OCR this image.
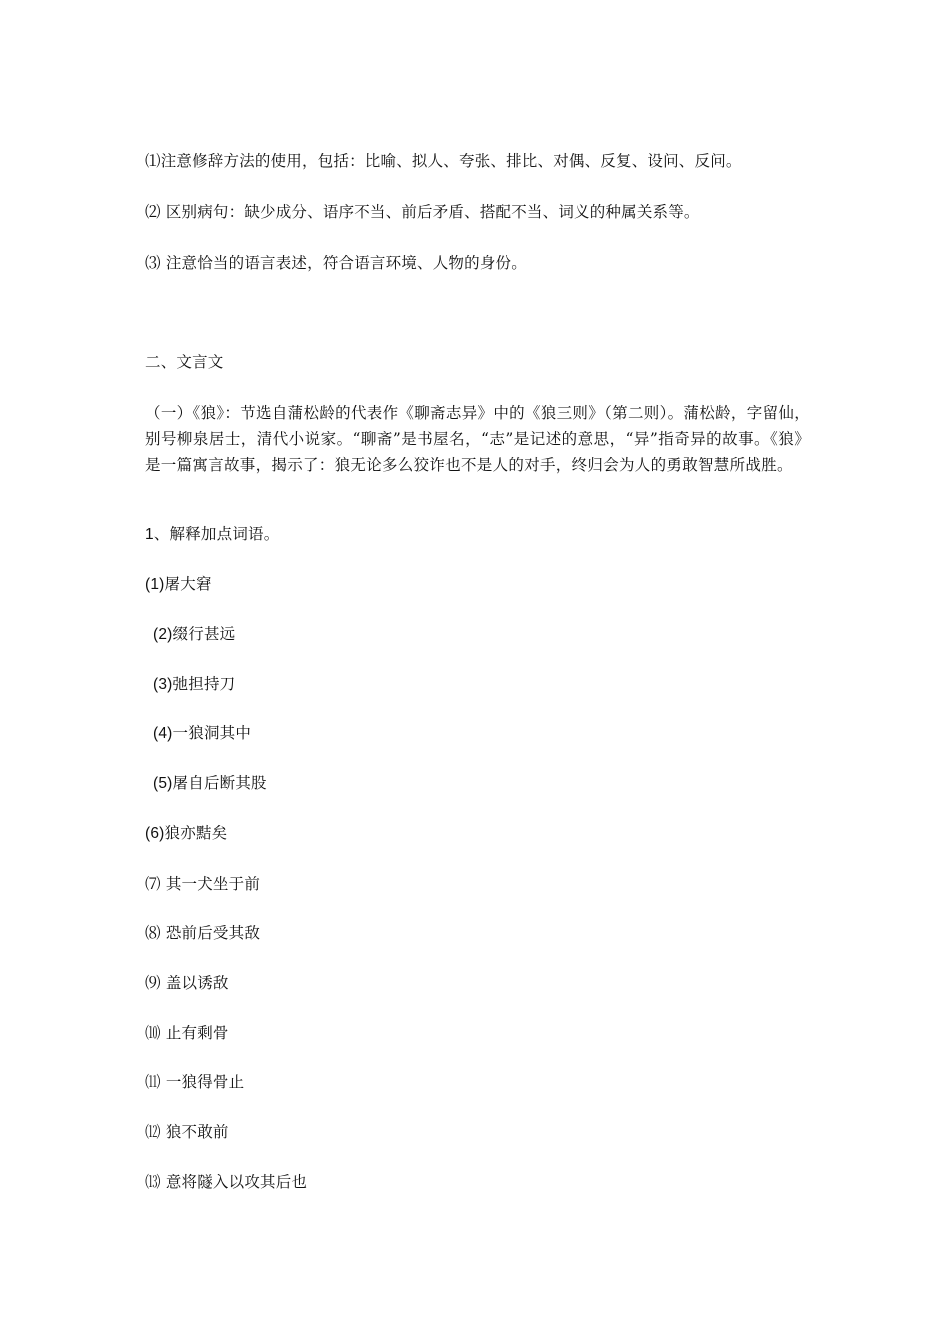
⑴注意修辞方法的使用，包括：比喻、拟人、夸张、排比、对偶、反复、设问、反问。
⑵ 区别病句：缺少成分、语序不当、前后矛盾、搭配不当、词义的种属关系等。
⑶ 注意恰当的语言表述，符合语言环境、人物的身份。
二、文言文
（一）《狼》：节选自蒲松龄的代表作《聊斋志异》中的《狼三则》（第二则）。蒲松龄，字留仙，别号柳泉居士，清代小说家。“聊斋”是书屋名，“志”是记述的意思，“异”指奇异的故事。《狼》是一篇寓言故事，揭示了：狼无论多么狡诈也不是人的对手，终归会为人的勇敢智慧所战胜。
1、解释加点词语。
(1)屠大窘
(2)缀行甚远
(3)弛担持刀
(4)一狼洞其中
(5)屠自后断其股
(6)狼亦黠矣
⑺ 其一犬坐于前
⑻ 恐前后受其敌
⑼ 盖以诱敌
⑽ 止有剩骨
⑾ 一狼得骨止
⑿ 狼不敢前
⒀ 意将隧入以攻其后也
